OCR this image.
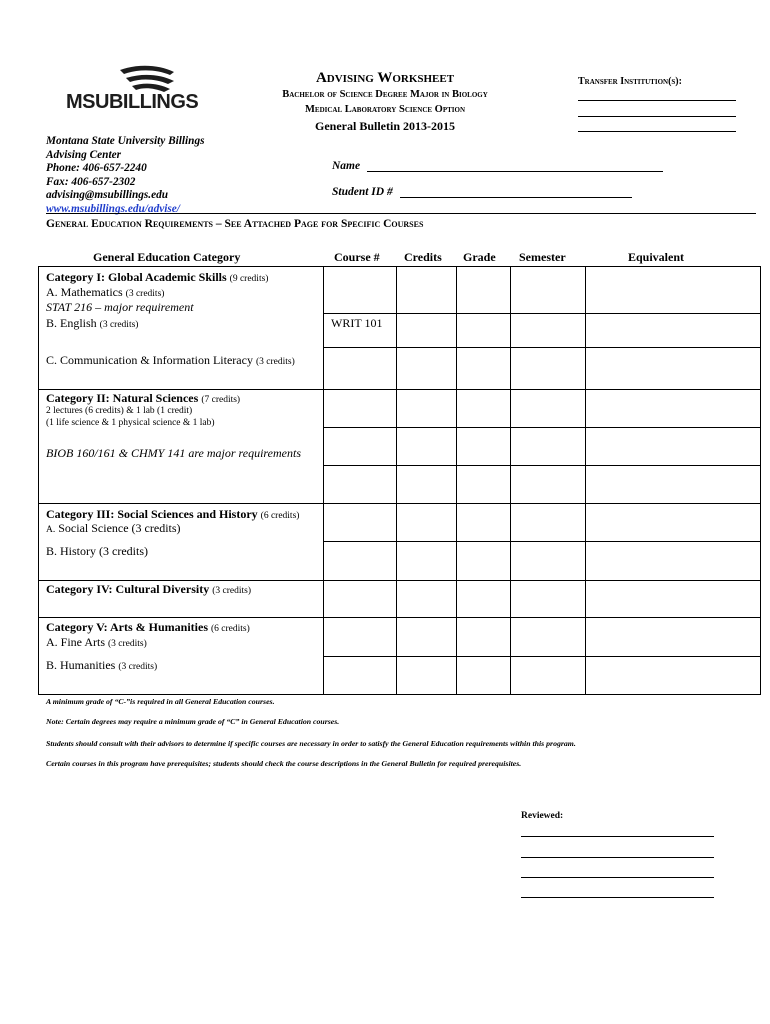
MSUBILLINGS
Advising Worksheet
Bachelor of Science Degree Major in Biology
Medical Laboratory Science Option
General Bulletin 2013-2015
Transfer Institution(s):
Montana State University Billings
Advising Center
Phone: 406-657-2240
Fax: 406-657-2302
advising@msubillings.edu
www.msubillings.edu/advise/
Name
Student ID #
General Education Requirements – See Attached Page for Specific Courses
General Education Category	Course # Credits Grade Semester	Equivalent
Category I: Global Academic Skills (9 credits)
A. Mathematics (3 credits)
STAT 216 – major requirement
B. English (3 credits)	WRIT 101
C. Communication & Information Literacy (3 credits)
Category II: Natural Sciences (7 credits)
2 lectures (6 credits) & 1 lab (1 credit)
(1 life science & 1 physical science & 1 lab)
BIOB 160/161 & CHMY 141 are major requirements
Category III: Social Sciences and History (6 credits)
A. Social Science (3 credits)
B. History (3 credits)
Category IV: Cultural Diversity (3 credits)
Category V: Arts & Humanities (6 credits)
A. Fine Arts (3 credits)
B. Humanities (3 credits)
A minimum grade of “C-”is required in all General Education courses.
Note: Certain degrees may require a minimum grade of “C” in General Education courses.
Students should consult with their advisors to determine if specific courses are necessary in order to satisfy the General Education requirements within this program.
Certain courses in this program have prerequisites; students should check the course descriptions in the General Bulletin for required prerequisites.
Reviewed:
